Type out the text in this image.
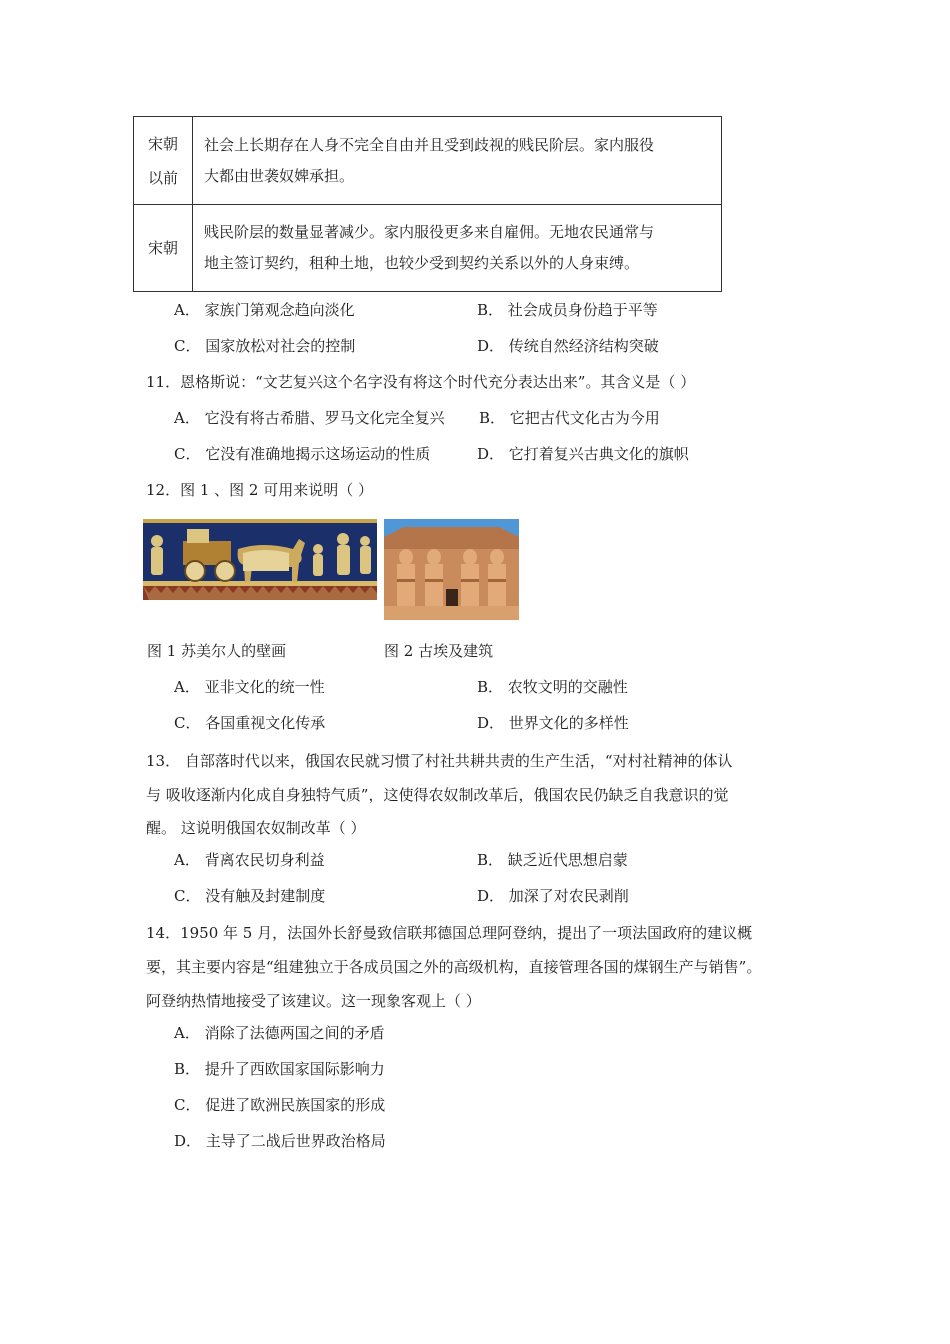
宋朝
以前	社会上长期存在人身不完全自由并且受到歧视的贱民阶层。家内服役
大都由世袭奴婢承担。
宋朝	贱民阶层的数量显著减少。家内服役更多来自雇佣。无地农民通常与
地主签订契约，租种土地，也较少受到契约关系以外的人身束缚。
A． 家族门第观念趋向淡化	B． 社会成员身份趋于平等
C． 国家放松对社会的控制	D． 传统自然经济结构突破
11．恩格斯说：“文艺复兴这个名字没有将这个时代充分表达出来”。其含义是（ ）
A． 它没有将古希腊、罗马文化完全复兴 B． 它把古代文化古为今用
C． 它没有准确地揭示这场运动的性质	D． 它打着复兴古典文化的旗帜
12．图 1 、图 2 可用来说明（ ）
图 1 苏美尔人的壁画	图 2 古埃及建筑
A． 亚非文化的统一性	B． 农牧文明的交融性
C． 各国重视文化传承	D． 世界文化的多样性
13． 自部落时代以来，俄国农民就习惯了村社共耕共责的生产生活，“对村社精神的体认
与 吸收逐渐内化成自身独特气质”，这使得农奴制改革后，俄国农民仍缺乏自我意识的觉
醒。 这说明俄国农奴制改革（ ）
A． 背离农民切身利益	B． 缺乏近代思想启蒙
C． 没有触及封建制度	D． 加深了对农民剥削
14．1950 年 5 月，法国外长舒曼致信联邦德国总理阿登纳，提出了一项法国政府的建议概
要，其主要内容是“组建独立于各成员国之外的高级机构，直接管理各国的煤钢生产与销售”。
阿登纳热情地接受了该建议。这一现象客观上（ ）
A． 消除了法德两国之间的矛盾
B． 提升了西欧国家国际影响力
C． 促进了欧洲民族国家的形成
D． 主导了二战后世界政治格局
